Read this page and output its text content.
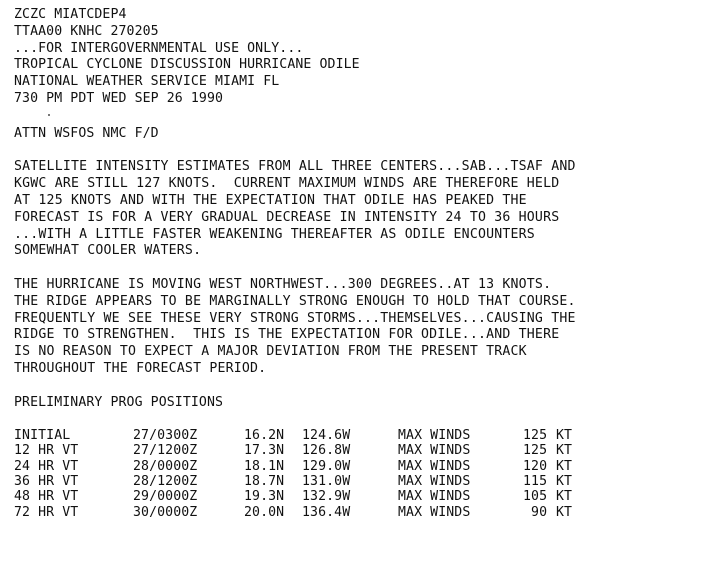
ZCZC MIATCDEP4
TTAA00 KNHC 270205
...FOR INTERGOVERNMENTAL USE ONLY...
TROPICAL CYCLONE DISCUSSION HURRICANE ODILE
NATIONAL WEATHER SERVICE MIAMI FL
730 PM PDT WED SEP 26 1990
ATTN WSFOS NMC F/D
SATELLITE INTENSITY ESTIMATES FROM ALL THREE CENTERS...SAB...TSAF AND
KGWC ARE STILL 127 KNOTS.  CURRENT MAXIMUM WINDS ARE THEREFORE HELD
AT 125 KNOTS AND WITH THE EXPECTATION THAT ODILE HAS PEAKED THE
FORECAST IS FOR A VERY GRADUAL DECREASE IN INTENSITY 24 TO 36 HOURS
...WITH A LITTLE FASTER WEAKENING THEREAFTER AS ODILE ENCOUNTERS
SOMEWHAT COOLER WATERS.
THE HURRICANE IS MOVING WEST NORTHWEST...300 DEGREES..AT 13 KNOTS.
THE RIDGE APPEARS TO BE MARGINALLY STRONG ENOUGH TO HOLD THAT COURSE.
FREQUENTLY WE SEE THESE VERY STRONG STORMS...THEMSELVES...CAUSING THE
RIDGE TO STRENGTHEN.  THIS IS THE EXPECTATION FOR ODILE...AND THERE
IS NO REASON TO EXPECT A MAJOR DEVIATION FROM THE PRESENT TRACK
THROUGHOUT THE FORECAST PERIOD.
PRELIMINARY PROG POSITIONS
INITIAL	27/0300Z	16.2N	124.6W	MAX WINDS	125	KT
12 HR VT	27/1200Z	17.3N	126.8W	MAX WINDS	125	KT
24 HR VT	28/0000Z	18.1N	129.0W	MAX WINDS	120	KT
36 HR VT	28/1200Z	18.7N	131.0W	MAX WINDS	115	KT
48 HR VT	29/0000Z	19.3N	132.9W	MAX WINDS	105	KT
72 HR VT	30/0000Z	20.0N	136.4W	MAX WINDS	90	KT
